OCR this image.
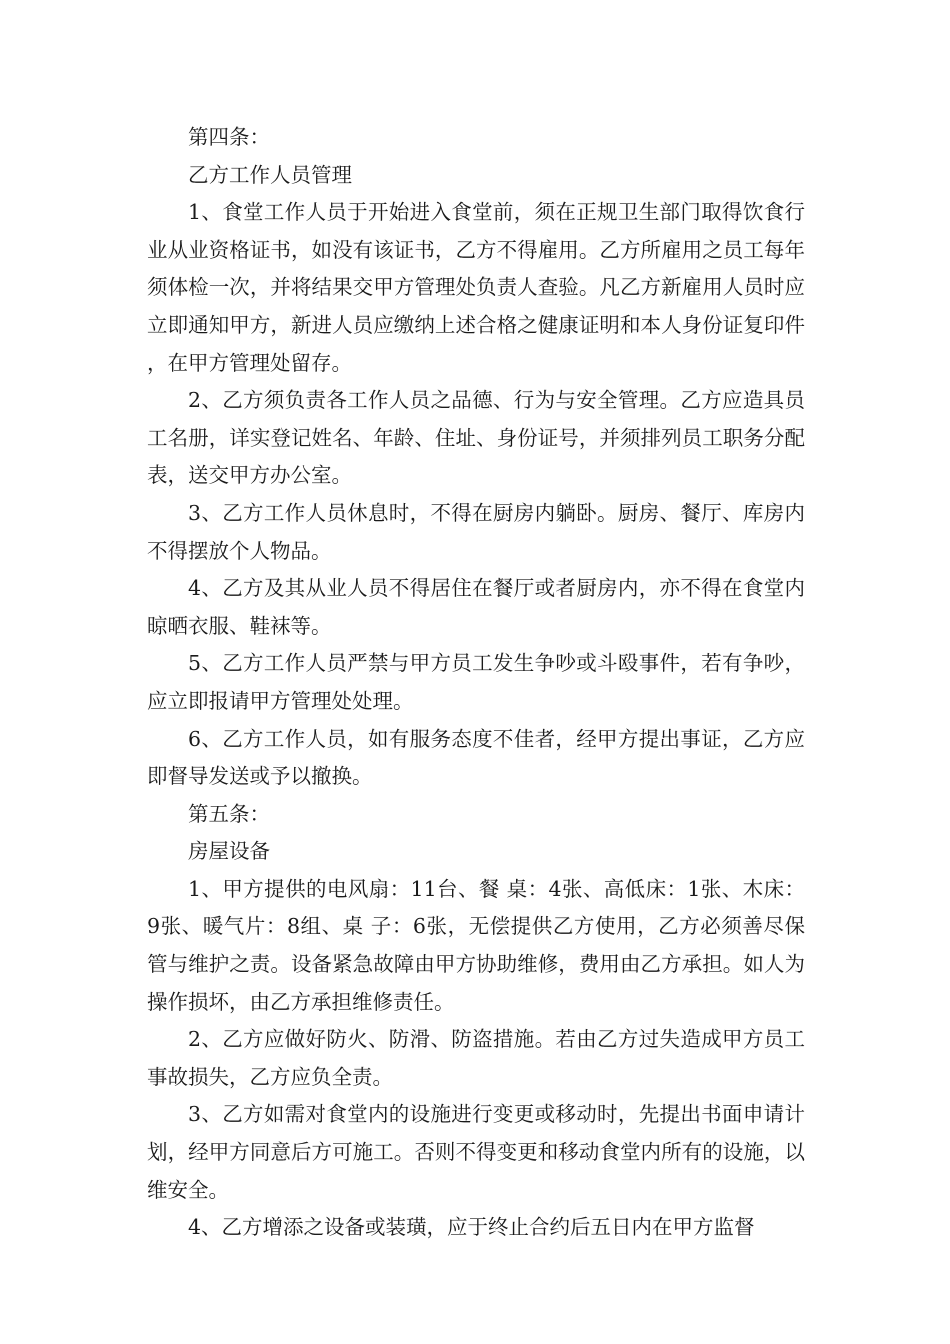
第四条：

乙方工作人员管理

1、食堂工作人员于开始进入食堂前，须在正规卫生部门取得饮食行业从业资格证书，如没有该证书，乙方不得雇用。乙方所雇用之员工每年须体检一次，并将结果交甲方管理处负责人查验。凡乙方新雇用人员时应立即通知甲方，新进人员应缴纳上述合格之健康证明和本人身份证复印件，在甲方管理处留存。

2、乙方须负责各工作人员之品德、行为与安全管理。乙方应造具员工名册，详实登记姓名、年龄、住址、身份证号，并须排列员工职务分配表，送交甲方办公室。

3、乙方工作人员休息时，不得在厨房内躺卧。厨房、餐厅、库房内不得摆放个人物品。

4、乙方及其从业人员不得居住在餐厅或者厨房内，亦不得在食堂内晾晒衣服、鞋袜等。

5、乙方工作人员严禁与甲方员工发生争吵或斗殴事件，若有争吵，应立即报请甲方管理处处理。

6、乙方工作人员，如有服务态度不佳者，经甲方提出事证，乙方应即督导发送或予以撤换。

第五条：

房屋设备

1、甲方提供的电风扇：11台、餐 桌：4张、高低床：1张、木床：9张、暖气片：8组、桌 子：6张，无偿提供乙方使用，乙方必须善尽保管与维护之责。设备紧急故障由甲方协助维修，费用由乙方承担。如人为操作损坏，由乙方承担维修责任。

2、乙方应做好防火、防滑、防盗措施。若由乙方过失造成甲方员工事故损失，乙方应负全责。

3、乙方如需对食堂内的设施进行变更或移动时，先提出书面申请计划，经甲方同意后方可施工。否则不得变更和移动食堂内所有的设施，以维安全。

4、乙方增添之设备或装璜，应于终止合约后五日内在甲方监督
